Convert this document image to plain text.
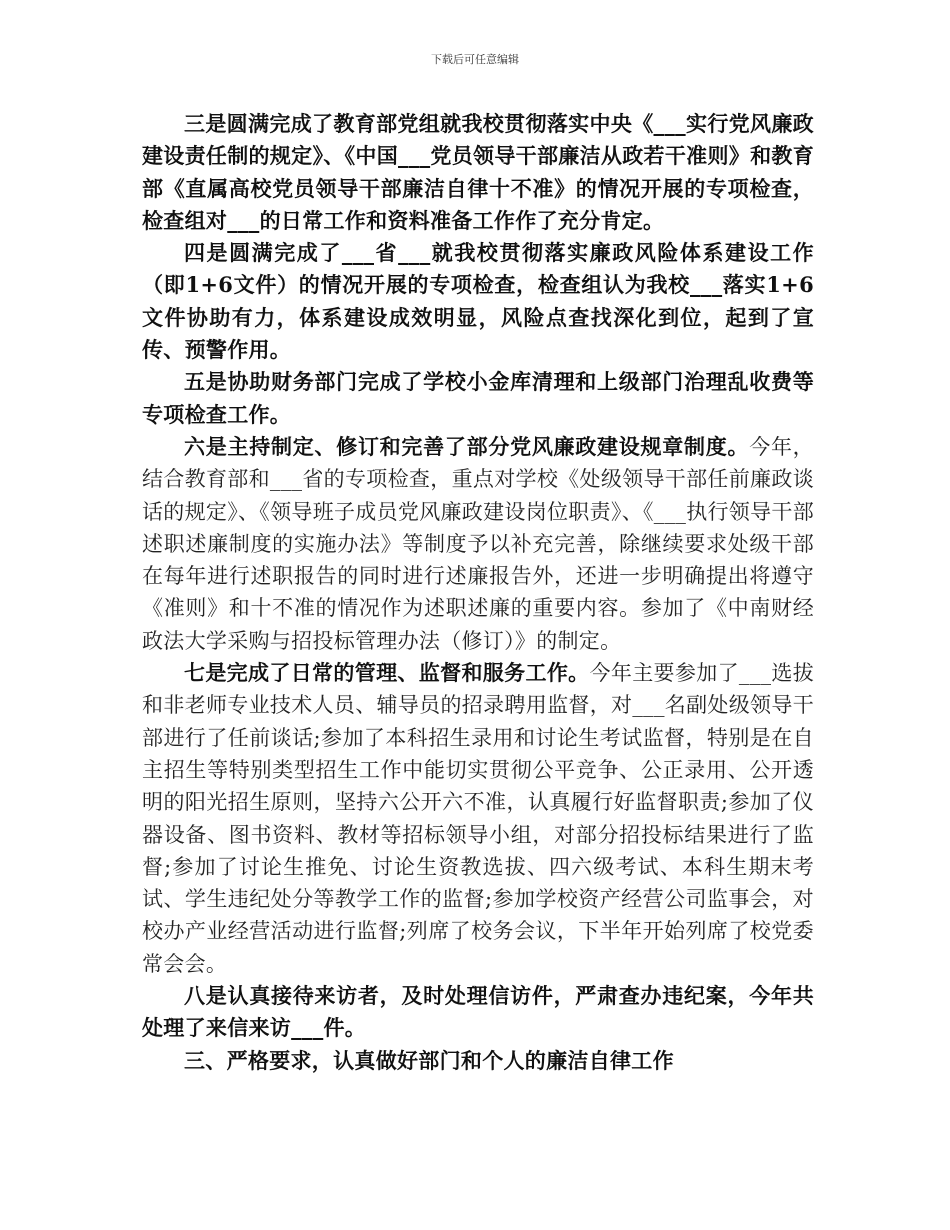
下载后可任意编辑

三是圆满完成了教育部党组就我校贯彻落实中央《___实行党风廉政建设责任制的规定》、《中国___党员领导干部廉洁从政若干准则》和教育部《直属高校党员领导干部廉洁自律十不准》的情况开展的专项检查，检查组对___的日常工作和资料准备工作作了充分肯定。

四是圆满完成了___省___就我校贯彻落实廉政风险体系建设工作（即1+6文件）的情况开展的专项检查，检查组认为我校___落实1+6文件协助有力，体系建设成效明显，风险点查找深化到位，起到了宣传、预警作用。

五是协助财务部门完成了学校小金库清理和上级部门治理乱收费等专项检查工作。

六是主持制定、修订和完善了部分党风廉政建设规章制度。今年，结合教育部和___省的专项检查，重点对学校《处级领导干部任前廉政谈话的规定》、《领导班子成员党风廉政建设岗位职责》、《___执行领导干部述职述廉制度的实施办法》等制度予以补充完善，除继续要求处级干部在每年进行述职报告的同时进行述廉报告外，还进一步明确提出将遵守《准则》和十不准的情况作为述职述廉的重要内容。参加了《中南财经政法大学采购与招投标管理办法（修订）》的制定。

七是完成了日常的管理、监督和服务工作。今年主要参加了___选拔和非老师专业技术人员、辅导员的招录聘用监督，对___名副处级领导干部进行了任前谈话;参加了本科招生录用和讨论生考试监督，特别是在自主招生等特别类型招生工作中能切实贯彻公平竞争、公正录用、公开透明的阳光招生原则，坚持六公开六不准，认真履行好监督职责;参加了仪器设备、图书资料、教材等招标领导小组，对部分招投标结果进行了监督;参加了讨论生推免、讨论生资教选拔、四六级考试、本科生期末考试、学生违纪处分等教学工作的监督;参加学校资产经营公司监事会，对校办产业经营活动进行监督;列席了校务会议，下半年开始列席了校党委常会会。

八是认真接待来访者，及时处理信访件，严肃查办违纪案，今年共处理了来信来访___件。

三、严格要求，认真做好部门和个人的廉洁自律工作
